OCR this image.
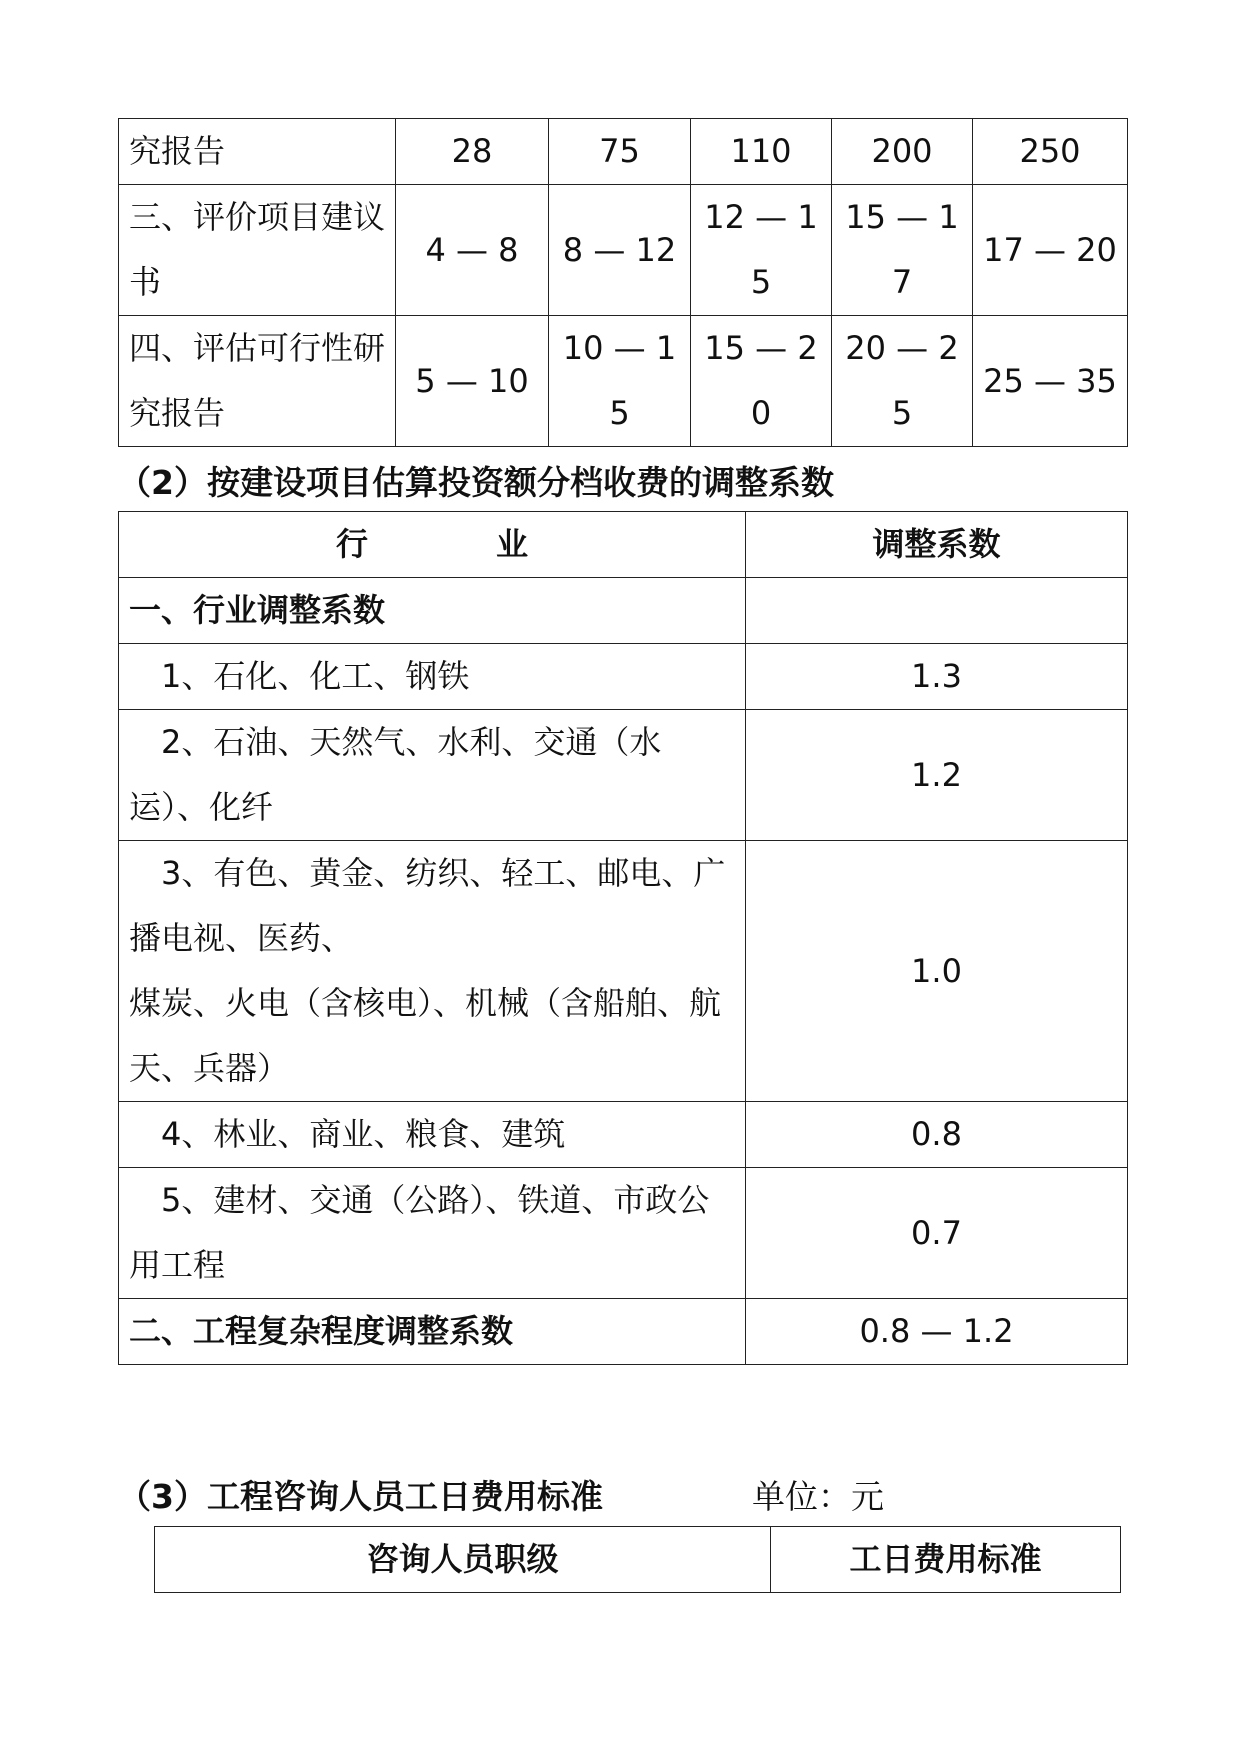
究报告	28	75	110	200	250
三、评价项目建议书	4 — 8	8 — 12	12 — 15	15 — 17	17 — 20
四、评估可行性研究报告	5 — 10	10 — 15	15 — 20	20 — 25	25 — 35
（2）按建设项目估算投资额分档收费的调整系数
行　　　　业	调整系数
一、行业调整系数	
1、石化、化工、钢铁	1.3
2、石油、天然气、水利、交通（水运）、化纤	1.2
3、有色、黄金、纺织、轻工、邮电、广播电视、医药、
煤炭、火电（含核电）、机械（含船舶、航天、兵器）	1.0
4、林业、商业、粮食、建筑	0.8
5、建材、交通（公路）、铁道、市政公用工程	0.7
二、工程复杂程度调整系数	0.8 — 1.2
（3）工程咨询人员工日费用标准	单位：元
咨询人员职级	工日费用标准
